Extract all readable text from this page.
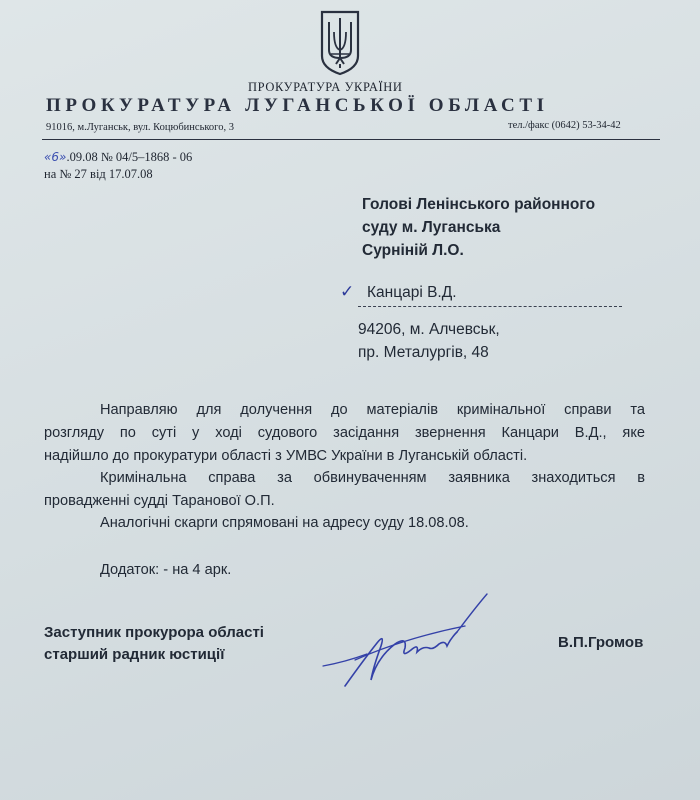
ПРОКУРАТУРА УКРАЇНИ
ПРОКУРАТУРА ЛУГАНСЬКОЇ ОБЛАСТІ
91016, м.Луганськ, вул. Коцюбинського, 3	тел./факс (0642) 53-34-42
«6».09.08 № 04/5–1868 - 06
на № 27 від 17.07.08
Голові Ленінського районного
суду м. Луганська
Сурніній Л.О.
✓ Канцарі В.Д.
94206, м. Алчевськ,
пр. Металургів, 48
Направляю для долучення до матеріалів кримінальної справи та
розгляду по суті у ході судового засідання звернення Канцари В.Д., яке
надійшло до прокуратури області з УМВС України в Луганській області.
Кримінальна справа за обвинуваченням заявника знаходиться в
провадженні судді Таранової О.П.
Аналогічні скарги спрямовані на адресу суду 18.08.08.
Додаток: - на 4 арк.
Заступник прокурора області
старший радник юстиції
В.П.Громов
